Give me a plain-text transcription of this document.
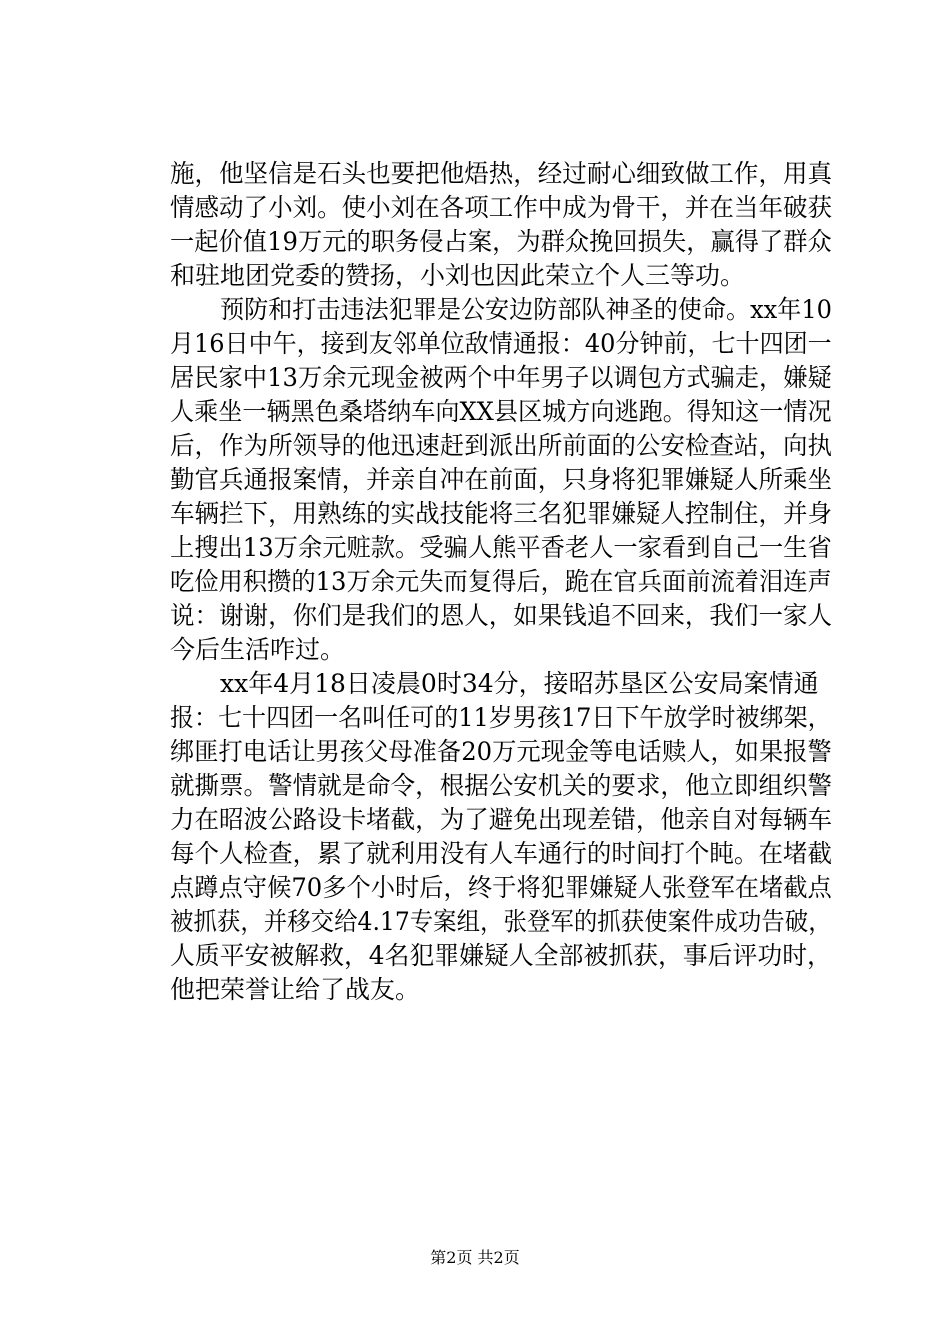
施，他坚信是石头也要把他焐热，经过耐心细致做工作，用真
情感动了小刘。使小刘在各项工作中成为骨干，并在当年破获
一起价值19万元的职务侵占案，为群众挽回损失，赢得了群众
和驻地团党委的赞扬，小刘也因此荣立个人三等功。
预防和打击违法犯罪是公安边防部队神圣的使命。xx年10
月16日中午，接到友邻单位敌情通报：40分钟前，七十四团一
居民家中13万余元现金被两个中年男子以调包方式骗走，嫌疑
人乘坐一辆黑色桑塔纳车向XX县区城方向逃跑。得知这一情况
后，作为所领导的他迅速赶到派出所前面的公安检查站，向执
勤官兵通报案情，并亲自冲在前面，只身将犯罪嫌疑人所乘坐
车辆拦下，用熟练的实战技能将三名犯罪嫌疑人控制住，并身
上搜出13万余元赃款。受骗人熊平香老人一家看到自己一生省
吃俭用积攒的13万余元失而复得后，跪在官兵面前流着泪连声
说：谢谢，你们是我们的恩人，如果钱追不回来，我们一家人
今后生活咋过。
xx年4月18日凌晨0时34分，接昭苏垦区公安局案情通
报：七十四团一名叫任可的11岁男孩17日下午放学时被绑架，
绑匪打电话让男孩父母准备20万元现金等电话赎人，如果报警
就撕票。警情就是命令，根据公安机关的要求，他立即组织警
力在昭波公路设卡堵截，为了避免出现差错，他亲自对每辆车
每个人检查，累了就利用没有人车通行的时间打个盹。在堵截
点蹲点守候70多个小时后，终于将犯罪嫌疑人张登军在堵截点
被抓获，并移交给4.17专案组，张登军的抓获使案件成功告破，
人质平安被解救，4名犯罪嫌疑人全部被抓获，事后评功时，
他把荣誉让给了战友。
第2页 共2页
